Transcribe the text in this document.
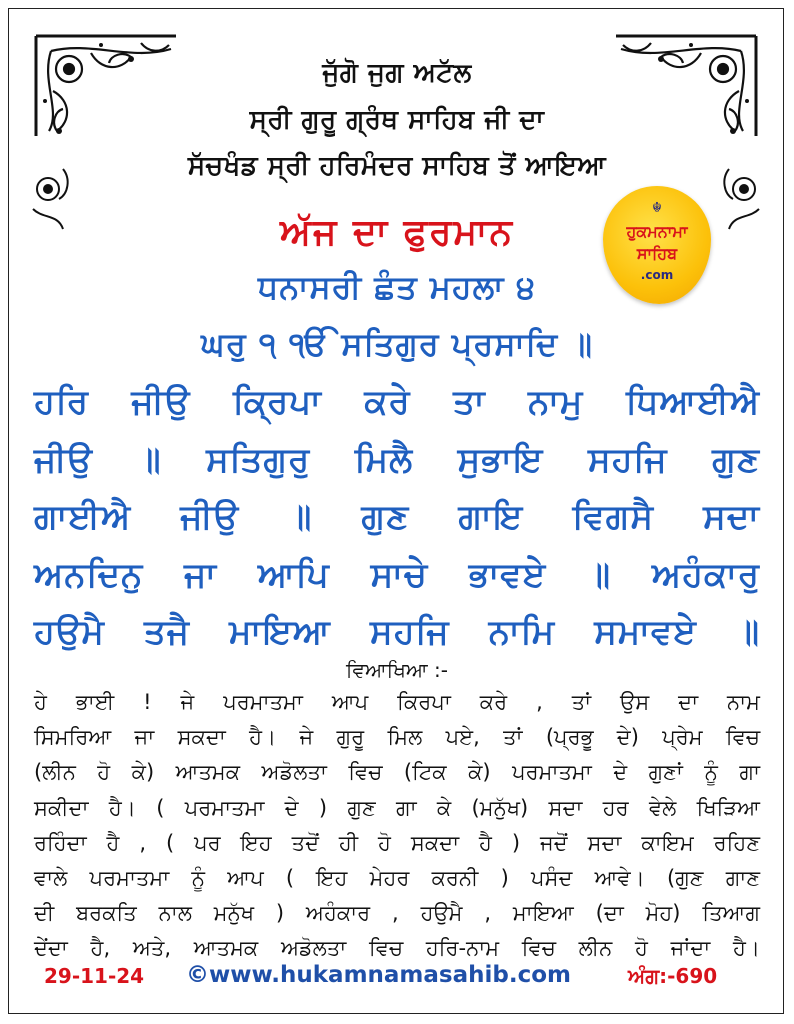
ਜੁੱਗੋ ਜੁਗ ਅਟੱਲ
ਸ੍ਰੀ ਗੁਰੂ ਗ੍ਰੰਥ ਸਾਹਿਬ ਜੀ ਦਾ
ਸੱਚਖੰਡ ਸ੍ਰੀ ਹਰਿਮੰਦਰ ਸਾਹਿਬ ਤੋਂ ਆਇਆ
ਅੱਜ ਦਾ ਫੁਰਮਾਨ
☬
ਹੁਕਮਨਾਮਾ
ਸਾਹਿਬ
.com
ਧਨਾਸਰੀ ਛੰਤ ਮਹਲਾ ੪
ਘਰੁ ੧ ੴ ਸਤਿਗੁਰ ਪ੍ਰਸਾਦਿ ॥
ਹਰਿ ਜੀਉ ਕ੍ਰਿਪਾ ਕਰੇ ਤਾ ਨਾਮੁ ਧਿਆਈਐ
ਜੀਉ ॥ ਸਤਿਗੁਰੁ ਮਿਲੈ ਸੁਭਾਇ ਸਹਜਿ ਗੁਣ
ਗਾਈਐ ਜੀਉ ॥ ਗੁਣ ਗਾਇ ਵਿਗਸੈ ਸਦਾ
ਅਨਦਿਨੁ ਜਾ ਆਪਿ ਸਾਚੇ ਭਾਵਏ ॥ ਅਹੰਕਾਰੁ
ਹਉਮੈ ਤਜੈ ਮਾਇਆ ਸਹਜਿ ਨਾਮਿ ਸਮਾਵਏ ॥
ਵਿਆਖਿਆ :-
ਹੇ ਭਾਈ ! ਜੇ ਪਰਮਾਤਮਾ ਆਪ ਕਿਰਪਾ ਕਰੇ , ਤਾਂ ਉਸ ਦਾ ਨਾਮ
ਸਿਮਰਿਆ ਜਾ ਸਕਦਾ ਹੈ। ਜੇ ਗੁਰੂ ਮਿਲ ਪਏ, ਤਾਂ (ਪ੍ਰਭੂ ਦੇ) ਪ੍ਰੇਮ ਵਿਚ
(ਲੀਨ ਹੋ ਕੇ) ਆਤਮਕ ਅਡੋਲਤਾ ਵਿਚ (ਟਿਕ ਕੇ) ਪਰਮਾਤਮਾ ਦੇ ਗੁਣਾਂ ਨੂੰ ਗਾ
ਸਕੀਦਾ ਹੈ। ( ਪਰਮਾਤਮਾ ਦੇ ) ਗੁਣ ਗਾ ਕੇ (ਮਨੁੱਖ) ਸਦਾ ਹਰ ਵੇਲੇ ਖਿੜਿਆ
ਰਹਿੰਦਾ ਹੈ , ( ਪਰ ਇਹ ਤਦੋਂ ਹੀ ਹੋ ਸਕਦਾ ਹੈ ) ਜਦੋਂ ਸਦਾ ਕਾਇਮ ਰਹਿਣ
ਵਾਲੇ ਪਰਮਾਤਮਾ ਨੂੰ ਆਪ ( ਇਹ ਮੇਹਰ ਕਰਨੀ ) ਪਸੰਦ ਆਵੇ। (ਗੁਣ ਗਾਣ
ਦੀ ਬਰਕਤਿ ਨਾਲ ਮਨੁੱਖ ) ਅਹੰਕਾਰ , ਹਉਮੈ , ਮਾਇਆ (ਦਾ ਮੋਹ) ਤਿਆਗ
ਦੇਂਦਾ ਹੈ, ਅਤੇ, ਆਤਮਕ ਅਡੋਲਤਾ ਵਿਚ ਹਰਿ-ਨਾਮ ਵਿਚ ਲੀਨ ਹੋ ਜਾਂਦਾ ਹੈ।
29-11-24 ©www.hukamnamasahib.com	ਅੰਗ:-690
